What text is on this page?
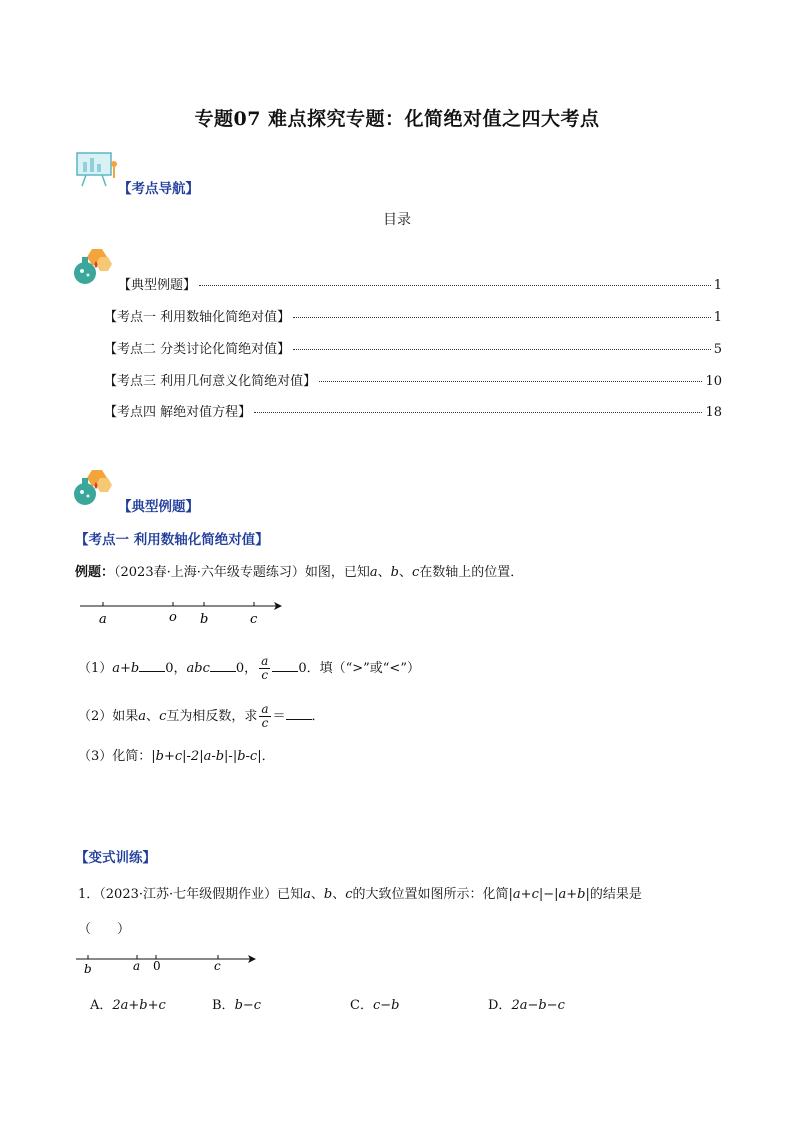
专题07 难点探究专题：化简绝对值之四大考点
【考点导航】
目录
【典型例题】	1
【考点一 利用数轴化简绝对值】	1
【考点二 分类讨论化简绝对值】	5
【考点三 利用几何意义化简绝对值】	10
【考点四 解绝对值方程】	18
【典型例题】
【考点一 利用数轴化简绝对值】
例题：（2023春·上海·六年级专题练习）如图，已知a、b、c在数轴上的位置．
a	o b	c
（1）a+b 0，abc 0， $\frac{a}{c} 0$．填（“>”或“<”）
（2）如果a、c互为相反数，求 $\frac{a}{c}$ ＝ ．
（3）化简：|b+c|-2|a-b|-|b-c|．
【变式训练】
1．（2023·江苏·七年级假期作业）已知a、b、c的大致位置如图所示：化简|a+c|−|a+b|的结果是
（　　）
b	a 0	c
A．2a+b+c	B．b−c	C．c−b	D．2a−b−c
